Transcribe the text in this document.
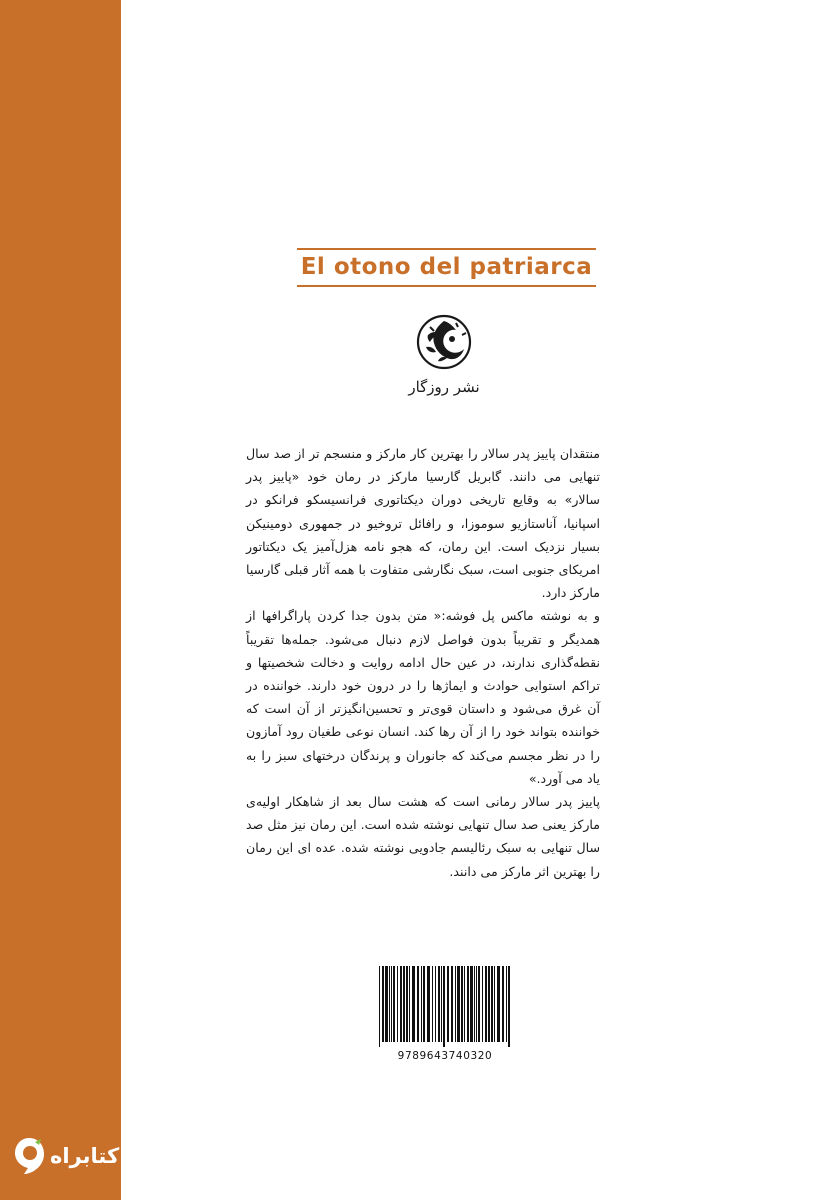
El otono del patriarca
نشر روزگار

منتقدان پاییز پدر سالار را بهترین کار مارکز و منسجم تر از صد سال تنهایی می دانند. گابریل گارسیا مارکز در رمان خود «پاییز پدر سالار» به وقایع تاریخی دوران دیکتاتوری فرانسیسکو فرانکو در اسپانیا، آناستازیو سوموزا، و رافائل تروخیو در جمهوری دومینیکن بسیار نزدیک است. این رمان، که هجو نامه هزل‌آمیز یک دیکتاتور امریکای جنوبی است، سبک نگارشی متفاوت با همه آثار قبلی گارسیا مارکز دارد.

و به نوشته ماکس پل فوشه:« متن بدون جدا کردن پاراگرافها از همدیگر و تقریباً بدون فواصل لازم دنبال می‌شود. جمله‌ها تقریباً نقطه‌گذاری ندارند، در عین حال ادامه روایت و دخالت شخصیتها و تراکم استوایی حوادث و ایماژها را در درون خود دارند. خواننده در آن غرق می‌شود و داستان قوی‌تر و تحسین‌انگیزتر از آن است که خواننده بتواند خود را از آن رها کند. انسان نوعی طغیان رود آمازون را در نظر مجسم می‌کند که جانوران و پرندگان درختهای سبز را به یاد می آورد.»

پاییز پدر سالار رمانی است که هشت سال بعد از شاهکار اولیه‌ی مارکز یعنی صد سال تنهایی نوشته شده است. این رمان نیز مثل صد سال تنهایی به سبک رئالیسم جادویی نوشته شده. عده ای این رمان را بهترین اثر مارکز می دانند.

9789643740320
کتابراه
